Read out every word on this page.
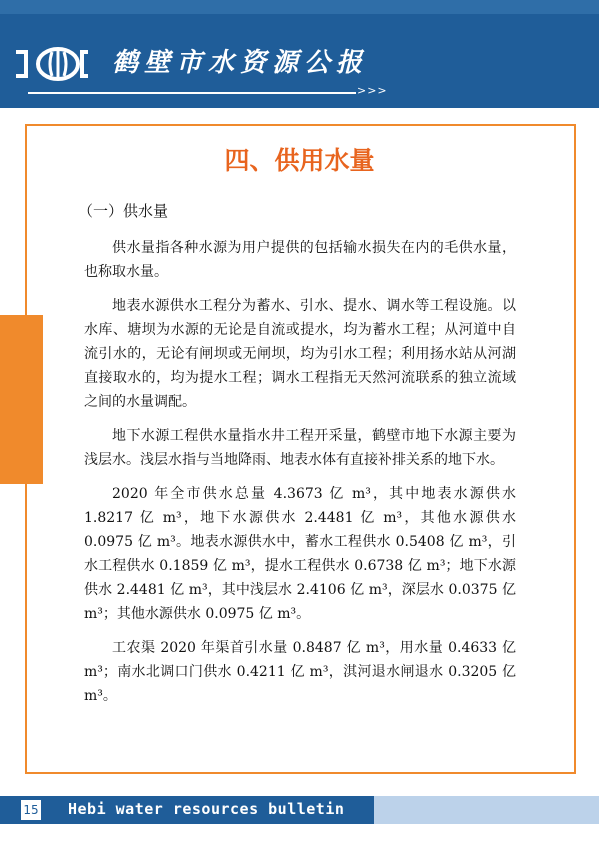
鹤壁市水资源公报
>>>
四、供用水量
（一）供水量

供水量指各种水源为用户提供的包括输水损失在内的毛供水量，也称取水量。

地表水源供水工程分为蓄水、引水、提水、调水等工程设施。以水库、塘坝为水源的无论是自流或提水，均为蓄水工程；从河道中自流引水的，无论有闸坝或无闸坝，均为引水工程；利用扬水站从河湖直接取水的，均为提水工程；调水工程指无天然河流联系的独立流域之间的水量调配。

地下水源工程供水量指水井工程开采量，鹤壁市地下水源主要为浅层水。浅层水指与当地降雨、地表水体有直接补排关系的地下水。

2020 年全市供水总量 4.3673 亿 m³，其中地表水源供水 1.8217 亿 m³，地下水源供水 2.4481 亿 m³，其他水源供水 0.0975 亿 m³。地表水源供水中，蓄水工程供水 0.5408 亿 m³，引水工程供水 0.1859 亿 m³，提水工程供水 0.6738 亿 m³；地下水源供水 2.4481 亿 m³，其中浅层水 2.4106 亿 m³，深层水 0.0375 亿 m³；其他水源供水 0.0975 亿 m³。

工农渠 2020 年渠首引水量 0.8487 亿 m³，用水量 0.4633 亿 m³；南水北调口门供水 0.4211 亿 m³，淇河退水闸退水 0.3205 亿 m³。

15 Hebi water resources bulletin
